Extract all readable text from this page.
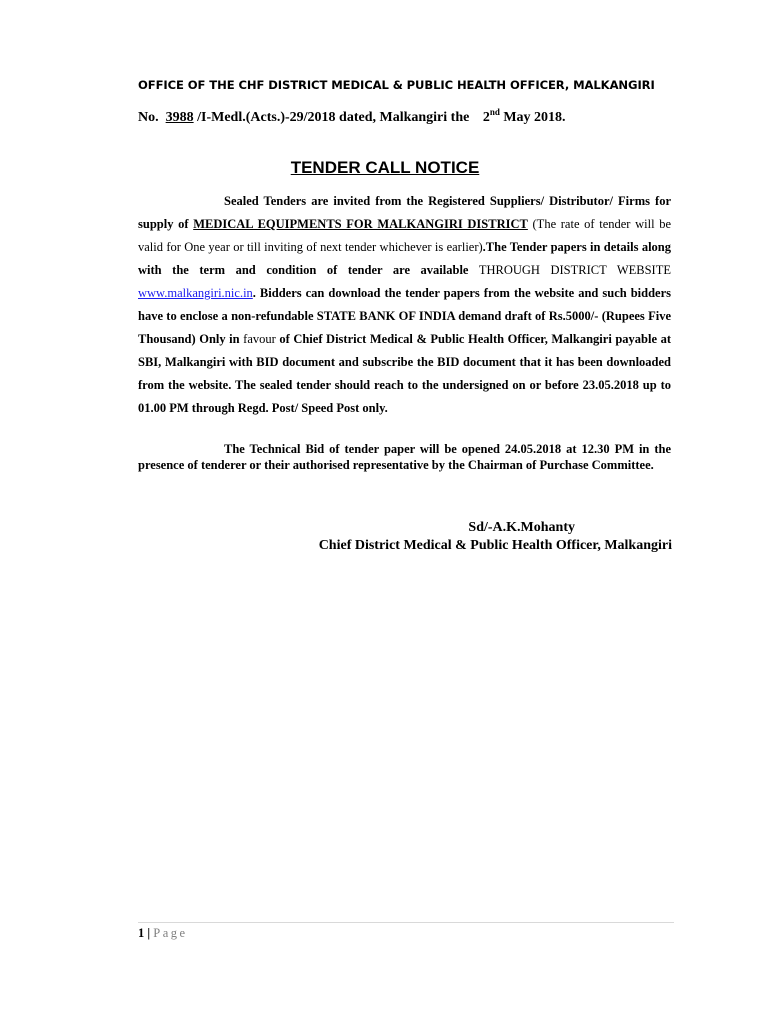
OFFICE OF THE CHF DISTRICT MEDICAL & PUBLIC HEALTH OFFICER, MALKANGIRI
No. 3988 /I-Medl.(Acts.)-29/2018 dated, Malkangiri the 2nd May 2018.
TENDER CALL NOTICE
Sealed Tenders are invited from the Registered Suppliers/ Distributor/ Firms for supply of MEDICAL EQUIPMENTS FOR MALKANGIRI DISTRICT (The rate of tender will be valid for One year or till inviting of next tender whichever is earlier).The Tender papers in details along with the term and condition of tender are available THROUGH DISTRICT WEBSITE www.malkangiri.nic.in. Bidders can download the tender papers from the website and such bidders have to enclose a non-refundable STATE BANK OF INDIA demand draft of Rs.5000/- (Rupees Five Thousand) Only in favour of Chief District Medical & Public Health Officer, Malkangiri payable at SBI, Malkangiri with BID document and subscribe the BID document that it has been downloaded from the website. The sealed tender should reach to the undersigned on or before 23.05.2018 up to 01.00 PM through Regd. Post/ Speed Post only.
The Technical Bid of tender paper will be opened 24.05.2018 at 12.30 PM in the presence of tenderer or their authorised representative by the Chairman of Purchase Committee.
Sd/-A.K.Mohanty
Chief District Medical & Public Health Officer, Malkangiri
1 | Page
